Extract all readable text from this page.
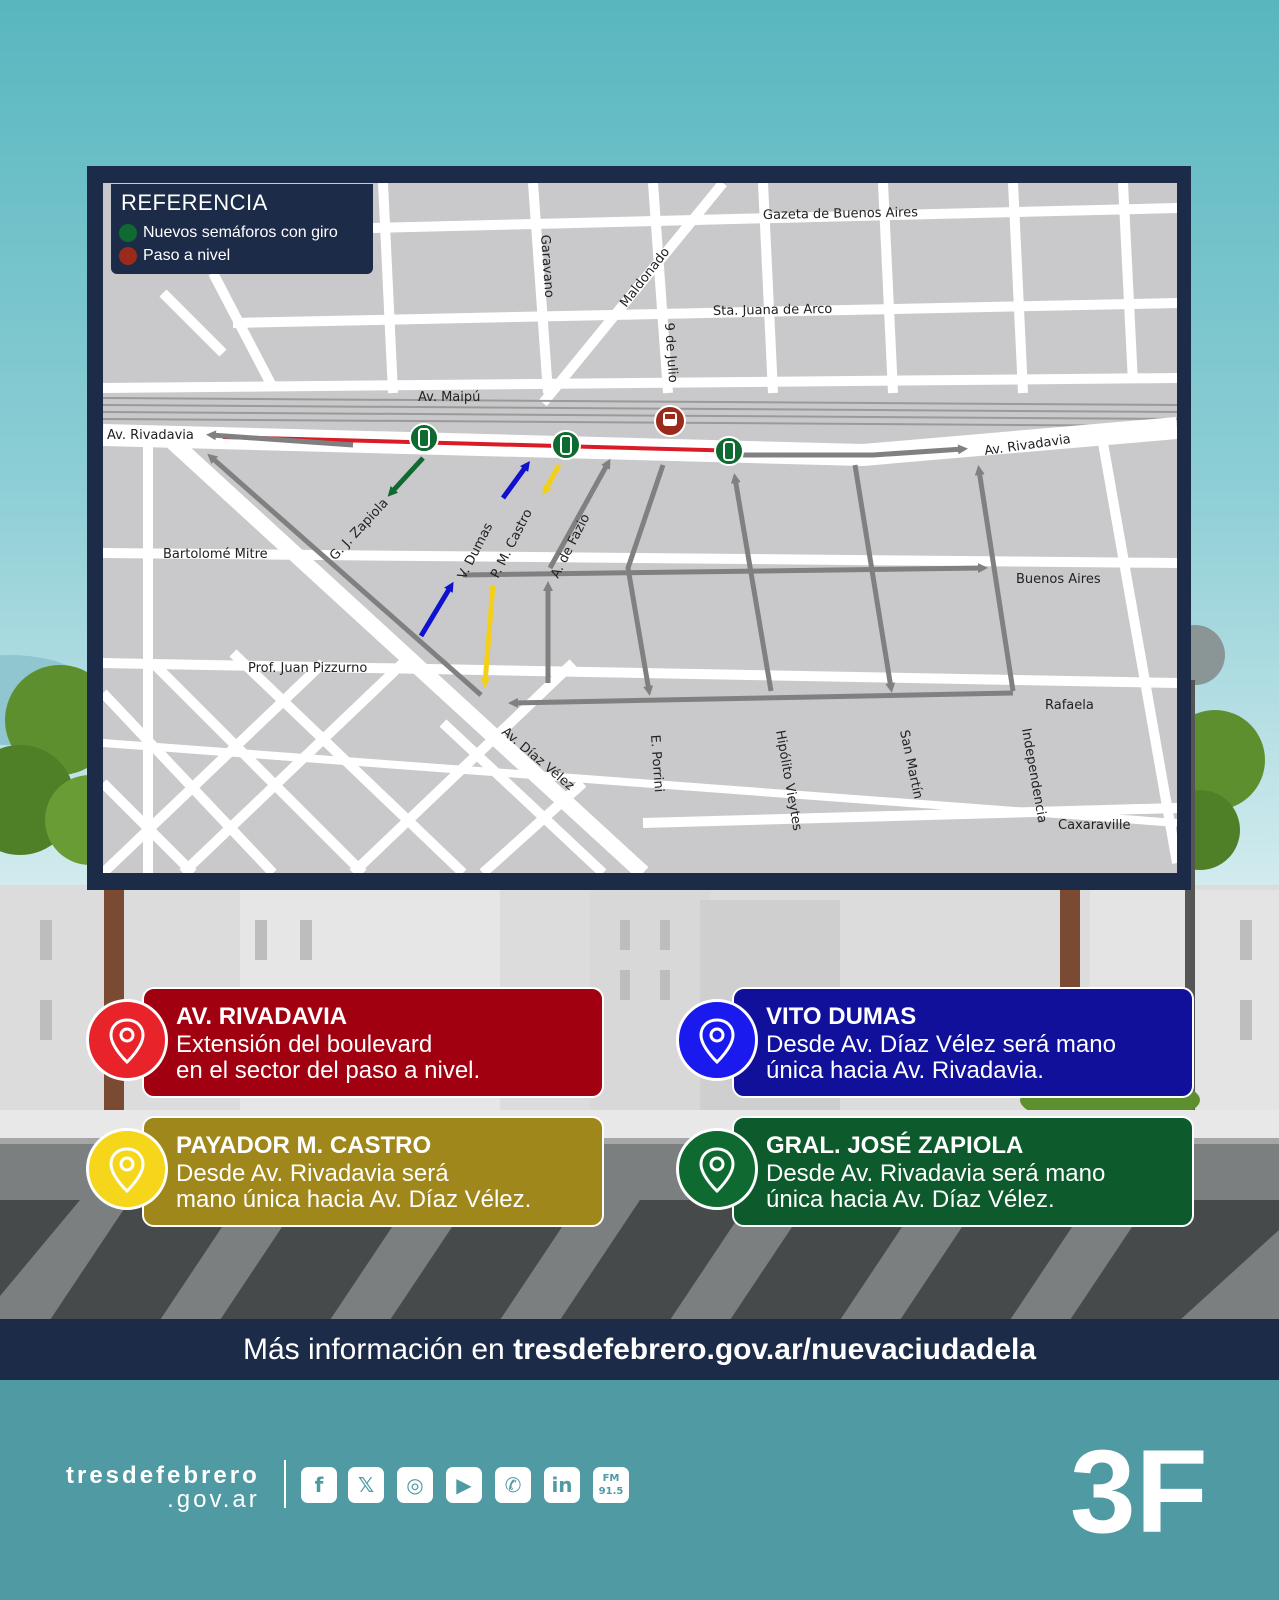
Gazeta de Buenos Aires
Garavano	Maldonado	Sta. Juana de Arco
9 de Julio
Av. Maipú
Av. Rivadavia	Av. Rivadavia
G. J. Zapiola	V. Dumas
P. M. Castro A. de Fazio
Bartolomé Mitre
Buenos Aires
Prof. Juan Pizzurno
Rafaela
Av. Díaz Vélez	E. Porrini	Hipólito Vieytes	San Martín	Independencia
Caxaraville
REFERENCIA
Nuevos semáforos con giro
Paso a nivel
AV. RIVADAVIA
Extensión del boulevard
en el sector del paso a nivel.
VITO DUMAS
Desde Av. Díaz Vélez será mano
única hacia Av. Rivadavia.
PAYADOR M. CASTRO
Desde Av. Rivadavia será
mano única hacia Av. Díaz Vélez.
GRAL. JOSÉ ZAPIOLA
Desde Av. Rivadavia será mano
única hacia Av. Díaz Vélez.
Más información en tresdefebrero.gov.ar/nuevaciudadela
tresdefebrero
.gov.ar
f	𝕏	◎	▶	✆	in	FM 91.5	3F
